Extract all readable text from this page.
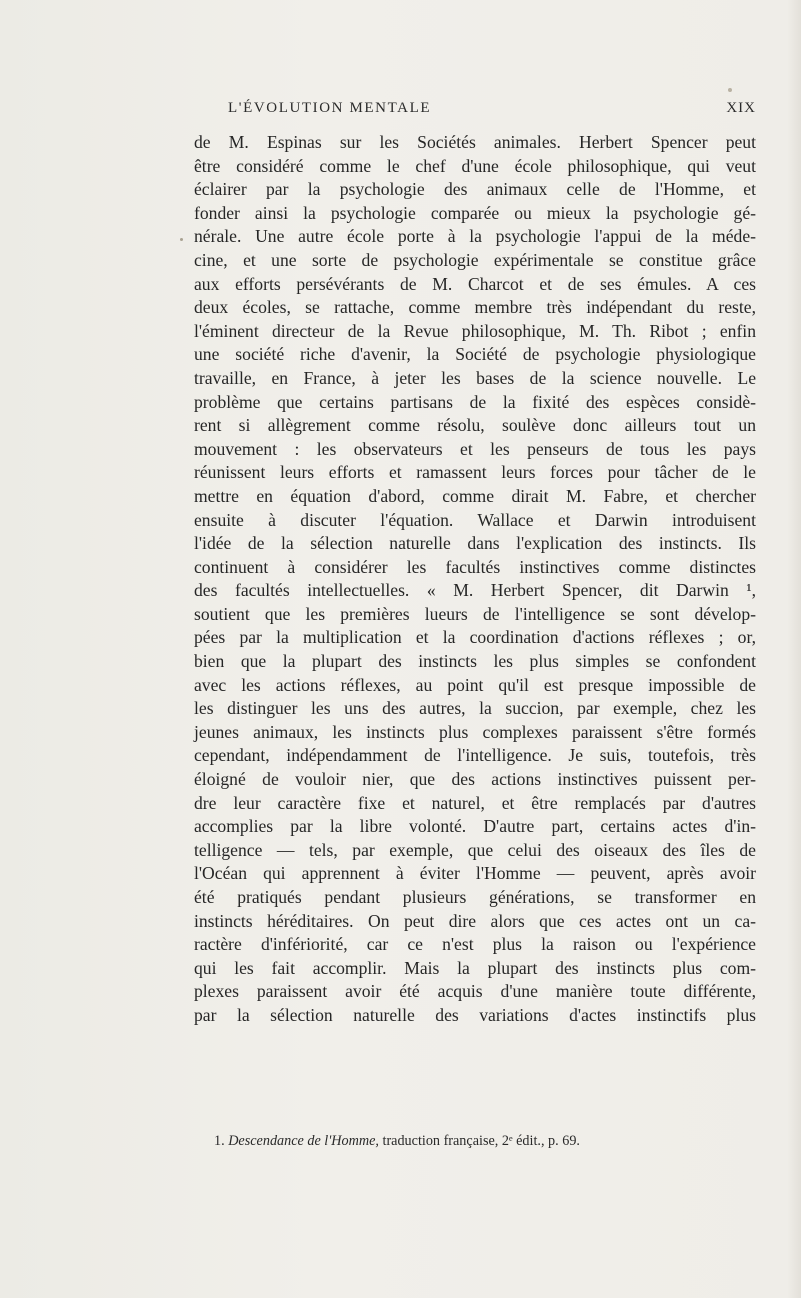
L'ÉVOLUTION MENTALE	XIX
de M. Espinas sur les Sociétés animales. Herbert Spencer peut
être considéré comme le chef d'une école philosophique, qui veut
éclairer par la psychologie des animaux celle de l'Homme, et
fonder ainsi la psychologie comparée ou mieux la psychologie gé-
nérale. Une autre école porte à la psychologie l'appui de la méde-
cine, et une sorte de psychologie expérimentale se constitue grâce
aux efforts persévérants de M. Charcot et de ses émules. A ces
deux écoles, se rattache, comme membre très indépendant du reste,
l'éminent directeur de la Revue philosophique, M. Th. Ribot ; enfin
une société riche d'avenir, la Société de psychologie physiologique
travaille, en France, à jeter les bases de la science nouvelle. Le
problème que certains partisans de la fixité des espèces considè-
rent si allègrement comme résolu, soulève donc ailleurs tout un
mouvement : les observateurs et les penseurs de tous les pays
réunissent leurs efforts et ramassent leurs forces pour tâcher de le
mettre en équation d'abord, comme dirait M. Fabre, et chercher
ensuite à discuter l'équation. Wallace et Darwin introduisent
l'idée de la sélection naturelle dans l'explication des instincts. Ils
continuent à considérer les facultés instinctives comme distinctes
des facultés intellectuelles. « M. Herbert Spencer, dit Darwin ¹,
soutient que les premières lueurs de l'intelligence se sont dévelop-
pées par la multiplication et la coordination d'actions réflexes ; or,
bien que la plupart des instincts les plus simples se confondent
avec les actions réflexes, au point qu'il est presque impossible de
les distinguer les uns des autres, la succion, par exemple, chez les
jeunes animaux, les instincts plus complexes paraissent s'être formés
cependant, indépendamment de l'intelligence. Je suis, toutefois, très
éloigné de vouloir nier, que des actions instinctives puissent per-
dre leur caractère fixe et naturel, et être remplacés par d'autres
accomplies par la libre volonté. D'autre part, certains actes d'in-
telligence — tels, par exemple, que celui des oiseaux des îles de
l'Océan qui apprennent à éviter l'Homme — peuvent, après avoir
été pratiqués pendant plusieurs générations, se transformer en
instincts héréditaires. On peut dire alors que ces actes ont un ca-
ractère d'infériorité, car ce n'est plus la raison ou l'expérience
qui les fait accomplir. Mais la plupart des instincts plus com-
plexes paraissent avoir été acquis d'une manière toute différente,
par la sélection naturelle des variations d'actes instinctifs plus
1. Descendance de l'Homme, traduction française, 2ᵉ édit., p. 69.
